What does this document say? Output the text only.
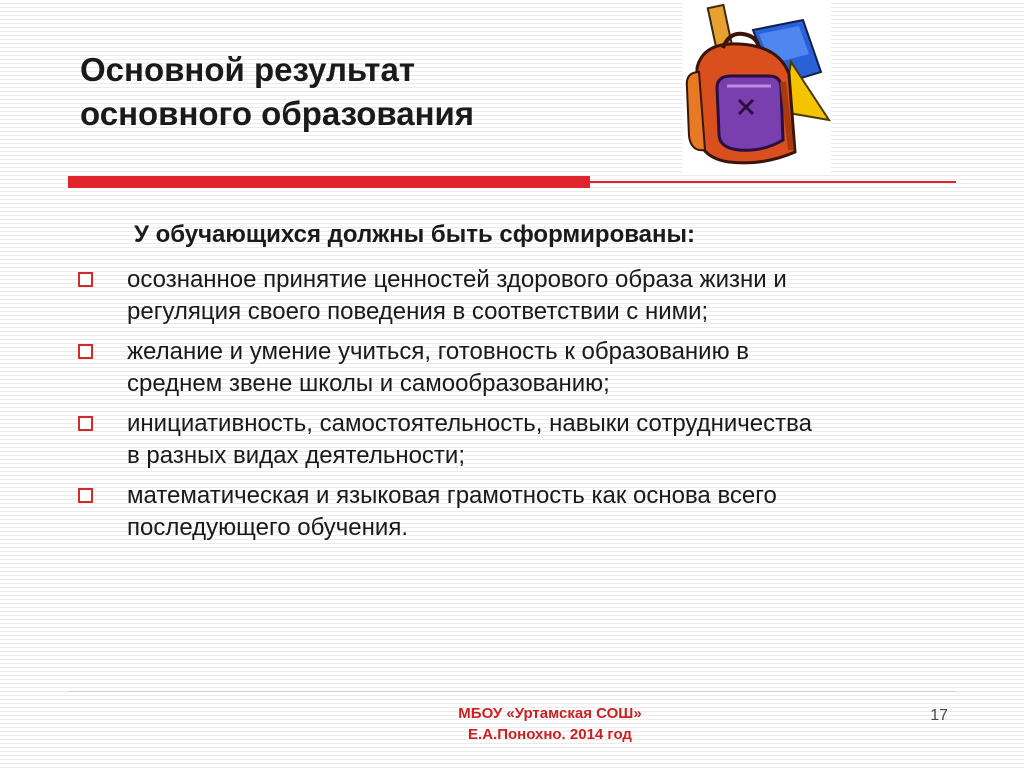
Основной результат
основного образования
У обучающихся должны быть сформированы:
осознанное принятие ценностей здорового образа жизни и
регуляция своего поведения в соответствии с ними;
желание и умение учиться, готовность к образованию в
среднем звене школы и самообразованию;
инициативность, самостоятельность, навыки сотрудничества
в разных видах деятельности;
математическая и языковая грамотность как основа всего
последующего обучения.
МБОУ «Уртамская СОШ»
Е.А.Понохно. 2014 год
17
